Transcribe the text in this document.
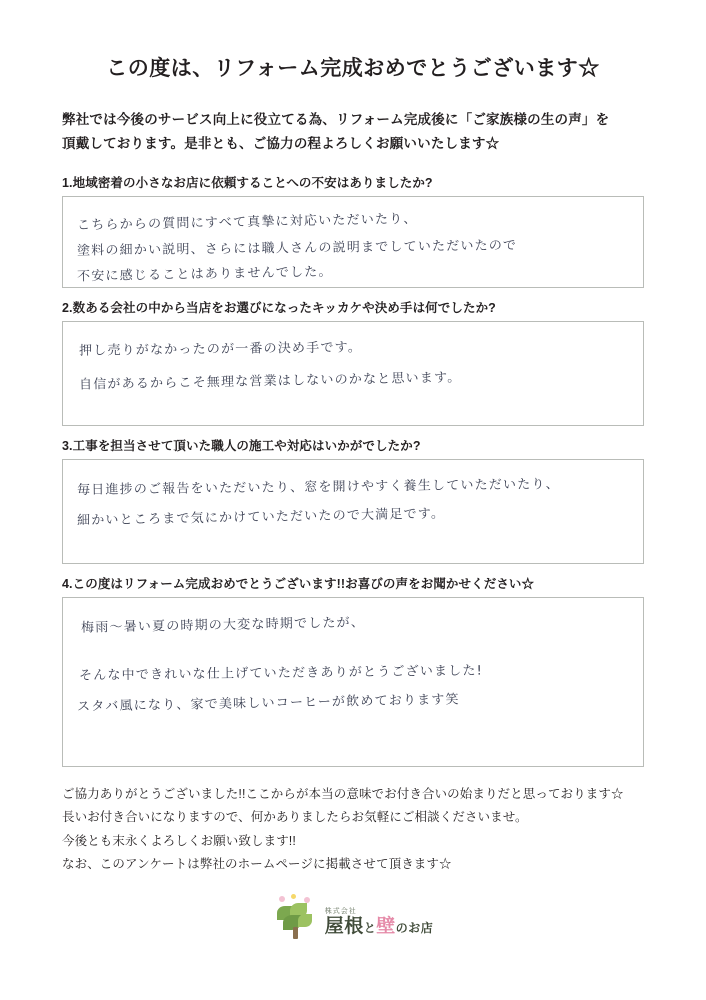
この度は、リフォーム完成おめでとうございます☆
弊社では今後のサービス向上に役立てる為、リフォーム完成後に「ご家族様の生の声」を
頂戴しております。是非とも、ご協力の程よろしくお願いいたします☆
1.地域密着の小さなお店に依頼することへの不安はありましたか?
こちらからの質問にすべて真摯に対応いただいたり、
塗料の細かい説明、さらには職人さんの説明までしていただいたので
不安に感じることはありませんでした。
2.数ある会社の中から当店をお選びになったキッカケや決め手は何でしたか?
押し売りがなかったのが一番の決め手です。
自信があるからこそ無理な営業はしないのかなと思います。
3.工事を担当させて頂いた職人の施工や対応はいかがでしたか?
毎日進捗のご報告をいただいたり、窓を開けやすく養生していただいたり、
細かいところまで気にかけていただいたので大満足です。
4.この度はリフォーム完成おめでとうございます!!お喜びの声をお聞かせください☆
梅雨～暑い夏の時期の大変な時期でしたが、
そんな中できれいな仕上げていただきありがとうございました!
スタバ風になり、家で美味しいコーヒーが飲めております笑
ご協力ありがとうございました!!ここからが本当の意味でお付き合いの始まりだと思っております☆
長いお付き合いになりますので、何かありましたらお気軽にご相談くださいませ。
今後とも末永くよろしくお願い致します!!
なお、このアンケートは弊社のホームページに掲載させて頂きます☆
株式会社
屋根と壁のお店
